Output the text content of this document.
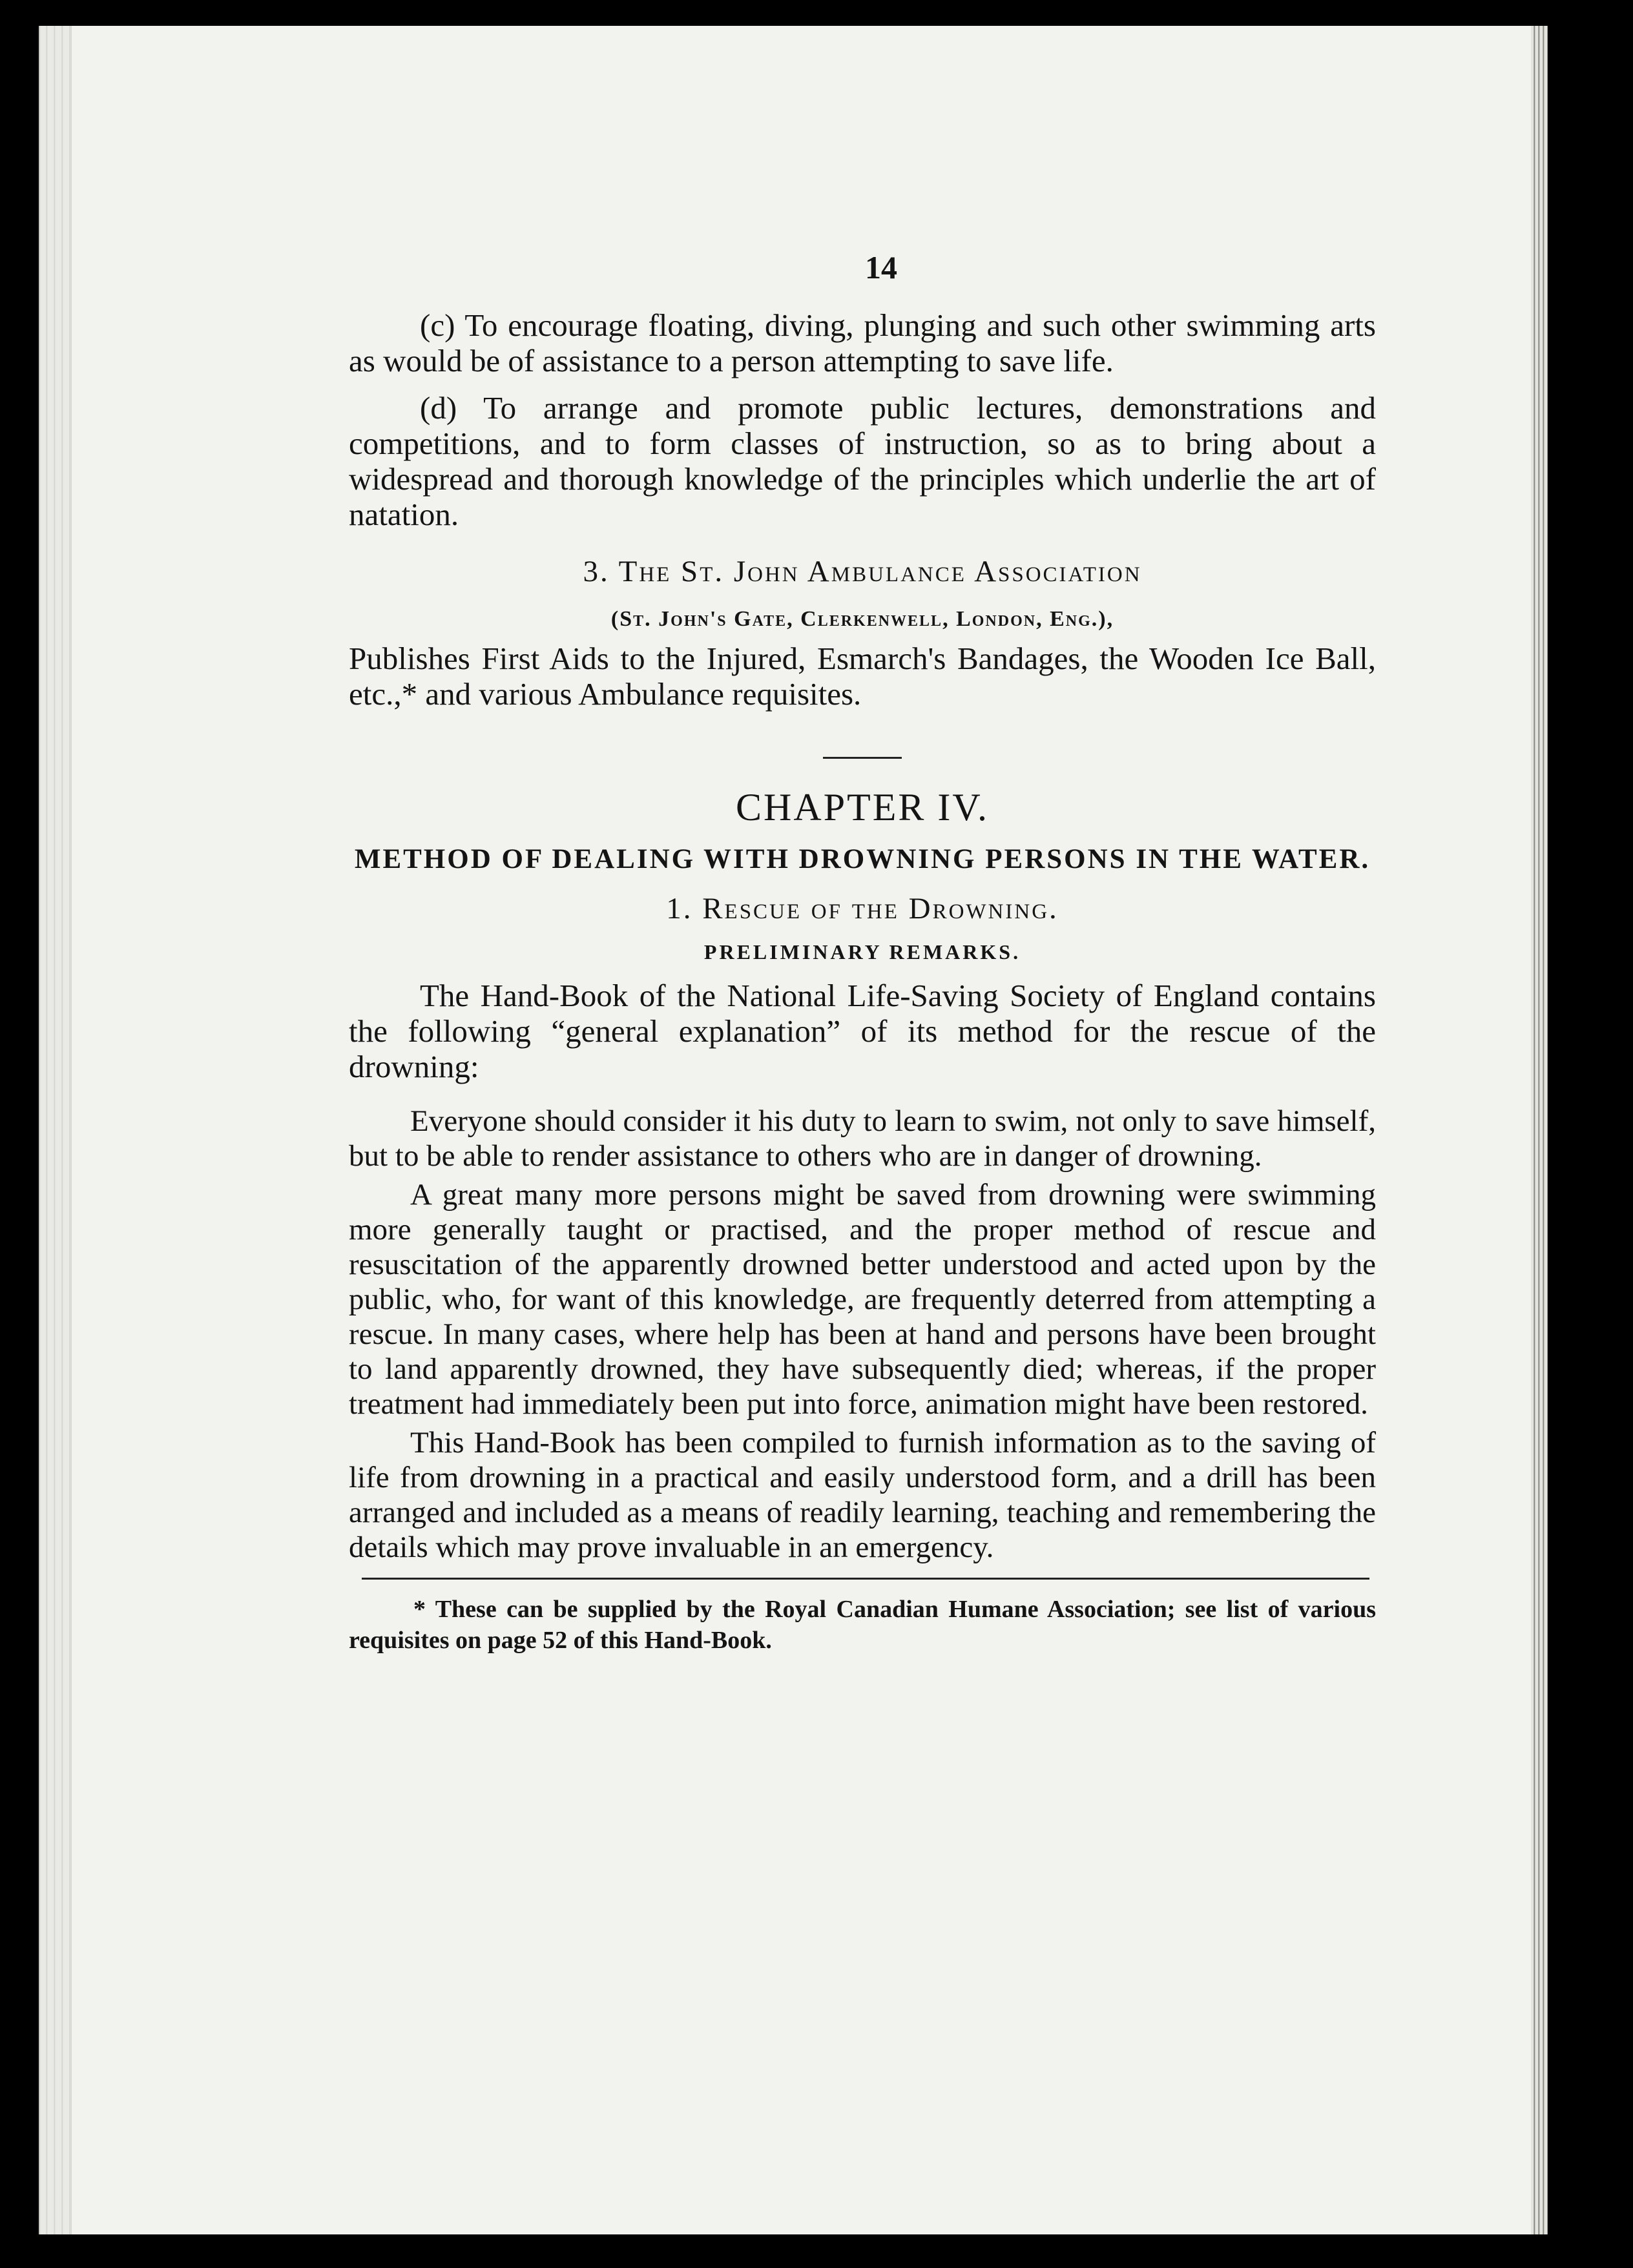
14

(c) To encourage floating, diving, plunging and such other swimming arts as would be of assistance to a person attempting to save life.

(d) To arrange and promote public lectures, demonstrations and competitions, and to form classes of instruction, so as to bring about a widespread and thorough knowledge of the principles which underlie the art of natation.

3. The St. John Ambulance Association

(St. John's Gate, Clerkenwell, London, Eng.),

Publishes First Aids to the Injured, Esmarch's Bandages, the Wooden Ice Ball, etc.,* and various Ambulance requisites.

CHAPTER IV.

METHOD OF DEALING WITH DROWNING PERSONS IN THE WATER.

1. Rescue of the Drowning.

PRELIMINARY REMARKS.

The Hand-Book of the National Life-Saving Society of England contains the following “general explanation” of its method for the rescue of the drowning:

Everyone should consider it his duty to learn to swim, not only to save himself, but to be able to render assistance to others who are in danger of drowning.

A great many more persons might be saved from drowning were swimming more generally taught or practised, and the proper method of rescue and resuscitation of the apparently drowned better understood and acted upon by the public, who, for want of this knowledge, are frequently deterred from attempting a rescue. In many cases, where help has been at hand and persons have been brought to land apparently drowned, they have subsequently died; whereas, if the proper treatment had immediately been put into force, animation might have been restored.

This Hand-Book has been compiled to furnish information as to the saving of life from drowning in a practical and easily understood form, and a drill has been arranged and included as a means of readily learning, teaching and remembering the details which may prove invaluable in an emergency.

* These can be supplied by the Royal Canadian Humane Association; see list of various requisites on page 52 of this Hand-Book.
